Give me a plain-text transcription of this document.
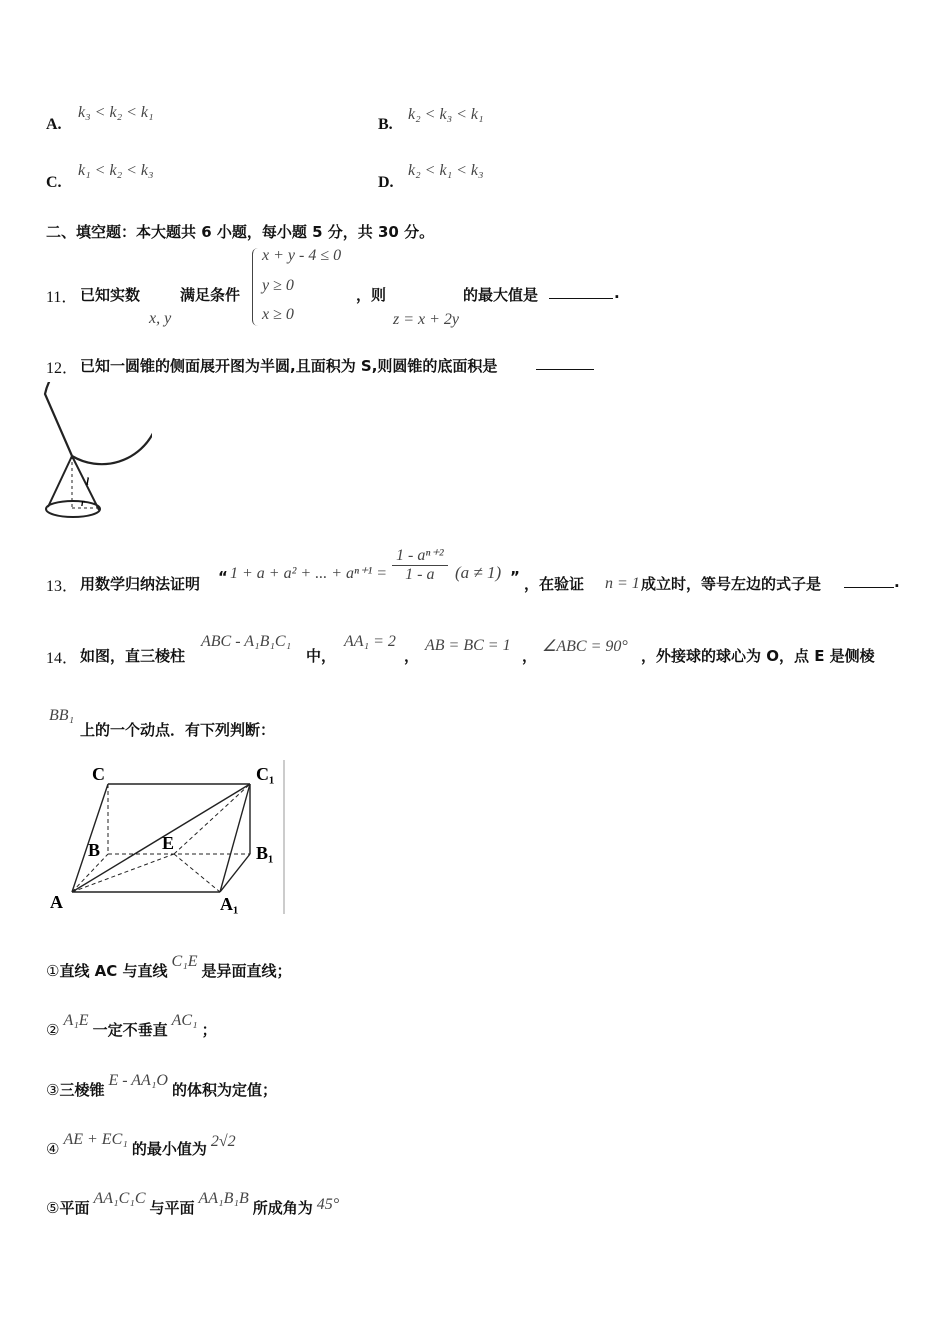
A.
k₃ < k₂ < k₁
B.
k₂ < k₃ < k₁
C.
k₁ < k₂ < k₃
D.
k₂ < k₁ < k₃
二、填空题：本大题共 6 小题，每小题 5 分，共 30 分。
11． 已知实数
x, y
满足条件
x + y - 4 ≤ 0
y ≥ 0
x ≥ 0
，则
z = x + 2y
的最大值是	.
12． 已知一圆锥的侧面展开图为半圆,且面积为 S,则圆锥的底面积是
l
r
13． 用数学归纳法证明 “ 1 + a + a² + ... + $a^{n+1} = \frac{\text{1 - aⁿ⁺²}}{1 - a} (a \ne 1)$ ” ，在验证 n = 1 成立时，等号左边的式子是	.
14． 如图，直三棱柱
ABC - A₁B₁C₁
中，
AA₁ = 2
，
AB = BC = 1
，
∠ABC = 90°
，外接球的球心为 O，点 E 是侧棱
BB₁
上的一个动点．有下列判断：
C	C₁
B	E	B₁
A	A₁
①直线 AC 与直线C₁E是异面直线；
②A₁E一定不垂直AC₁；
③三棱锥E - AA₁O的体积为定值；
④AE + EC₁的最小值为 2√2
⑤平面AA₁C₁C与平面AA₁B₁B所成角为 45°
